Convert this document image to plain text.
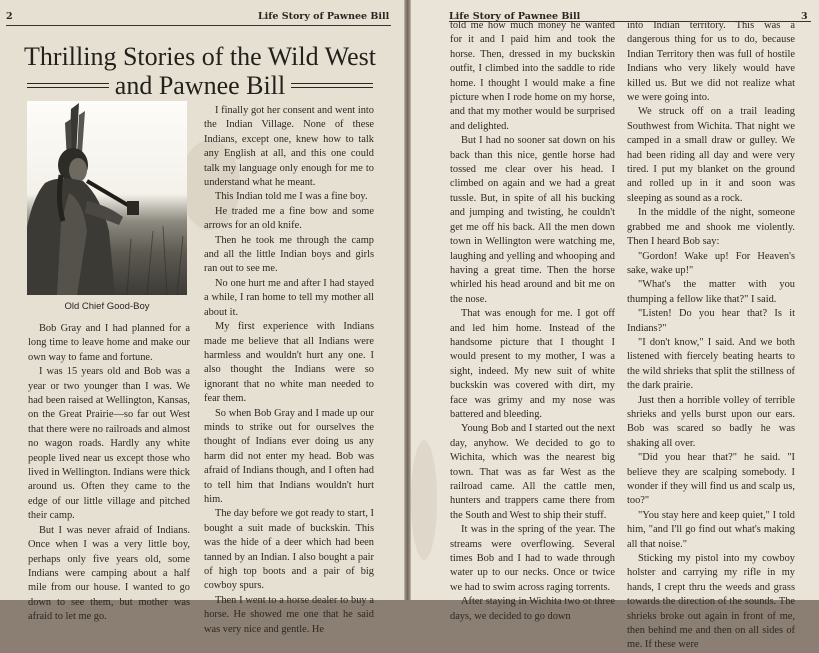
2	Life Story of Pawnee Bill
Thrilling Stories of the Wild West
and Pawnee Bill
Old Chief Good-Boy

Bob Gray and I had planned for a long time to leave home and make our own way to fame and fortune.

I was 15 years old and Bob was a year or two younger than I was. We had been raised at Wellington, Kansas, on the Great Prairie—so far out West that there were no railroads and almost no wagon roads. Hardly any white people lived near us except those who lived in Wellington. Indians were thick around us. Often they came to the edge of our little village and pitched their camp.

But I was never afraid of Indians. Once when I was a very little boy, perhaps only five years old, some Indians were camping about a half mile from our house. I wanted to go down to see them, but mother was afraid to let me go.

I finally got her consent and went into the Indian Village. None of these Indians, except one, knew how to talk any English at all, and this one could talk my language only enough for me to understand what he meant.

This Indian told me I was a fine boy.

He traded me a fine bow and some arrows for an old knife.

Then he took me through the camp and all the little Indian boys and girls ran out to see me.

No one hurt me and after I had stayed a while, I ran home to tell my mother all about it.

My first experience with Indians made me believe that all Indians were harmless and wouldn't hurt any one. I also thought the Indians were so ignorant that no white man needed to fear them.

So when Bob Gray and I made up our minds to strike out for ourselves the thought of Indians ever doing us any harm did not enter my head. Bob was afraid of Indians though, and I often had to tell him that Indians wouldn't hurt him.

The day before we got ready to start, I bought a suit made of buckskin. This was the hide of a deer which had been tanned by an Indian. I also bought a pair of high top boots and a pair of big cowboy spurs.

Then I went to a horse dealer to buy a horse. He showed me one that he said was very nice and gentle. He

Life Story of Pawnee Bill	3

told me how much money he wanted for it and I paid him and took the horse. Then, dressed in my buckskin outfit, I climbed into the saddle to ride home. I thought I would make a fine picture when I rode home on my horse, and that my mother would be surprised and delighted.

But I had no sooner sat down on his back than this nice, gentle horse had tossed me clear over his head. I climbed on again and we had a great tussle. But, in spite of all his bucking and jumping and twisting, he couldn't get me off his back. All the men down town in Wellington were watching me, laughing and yelling and whooping and having a great time. Then the horse whirled his head around and bit me on the nose.

That was enough for me. I got off and led him home. Instead of the handsome picture that I thought I would present to my mother, I was a sight, indeed. My new suit of white buckskin was covered with dirt, my face was grimy and my nose was battered and bleeding.

Young Bob and I started out the next day, anyhow. We decided to go to Wichita, which was the nearest big town. That was as far West as the railroad came. All the cattle men, hunters and trappers came there from the South and West to ship their stuff.

It was in the spring of the year. The streams were overflowing. Several times Bob and I had to wade through water up to our necks. Once or twice we had to swim across raging torrents.

After staying in Wichita two or three days, we decided to go down

into Indian territory. This was a dangerous thing for us to do, because Indian Territory then was full of hostile Indians who very likely would have killed us. But we did not realize what we were going into.

We struck off on a trail leading Southwest from Wichita. That night we camped in a small draw or gulley. We had been riding all day and were very tired. I put my blanket on the ground and rolled up in it and soon was sleeping as sound as a rock.

In the middle of the night, someone grabbed me and shook me violently. Then I heard Bob say:

"Gordon! Wake up! For Heaven's sake, wake up!"

"What's the matter with you thumping a fellow like that?" I said.

"Listen! Do you hear that? Is it Indians?"

"I don't know," I said. And we both listened with fiercely beating hearts to the wild shrieks that split the stillness of the dark prairie.

Just then a horrible volley of terrible shrieks and yells burst upon our ears. Bob was scared so badly he was shaking all over.

"Did you hear that?" he said. "I believe they are scalping somebody. I wonder if they will find us and scalp us, too?"

"You stay here and keep quiet," I told him, "and I'll go find out what's making all that noise."

Sticking my pistol into my cowboy holster and carrying my rifle in my hands, I crept thru the weeds and grass towards the direction of the sounds. The shrieks broke out again in front of me, then behind me and then on all sides of me. If these were
